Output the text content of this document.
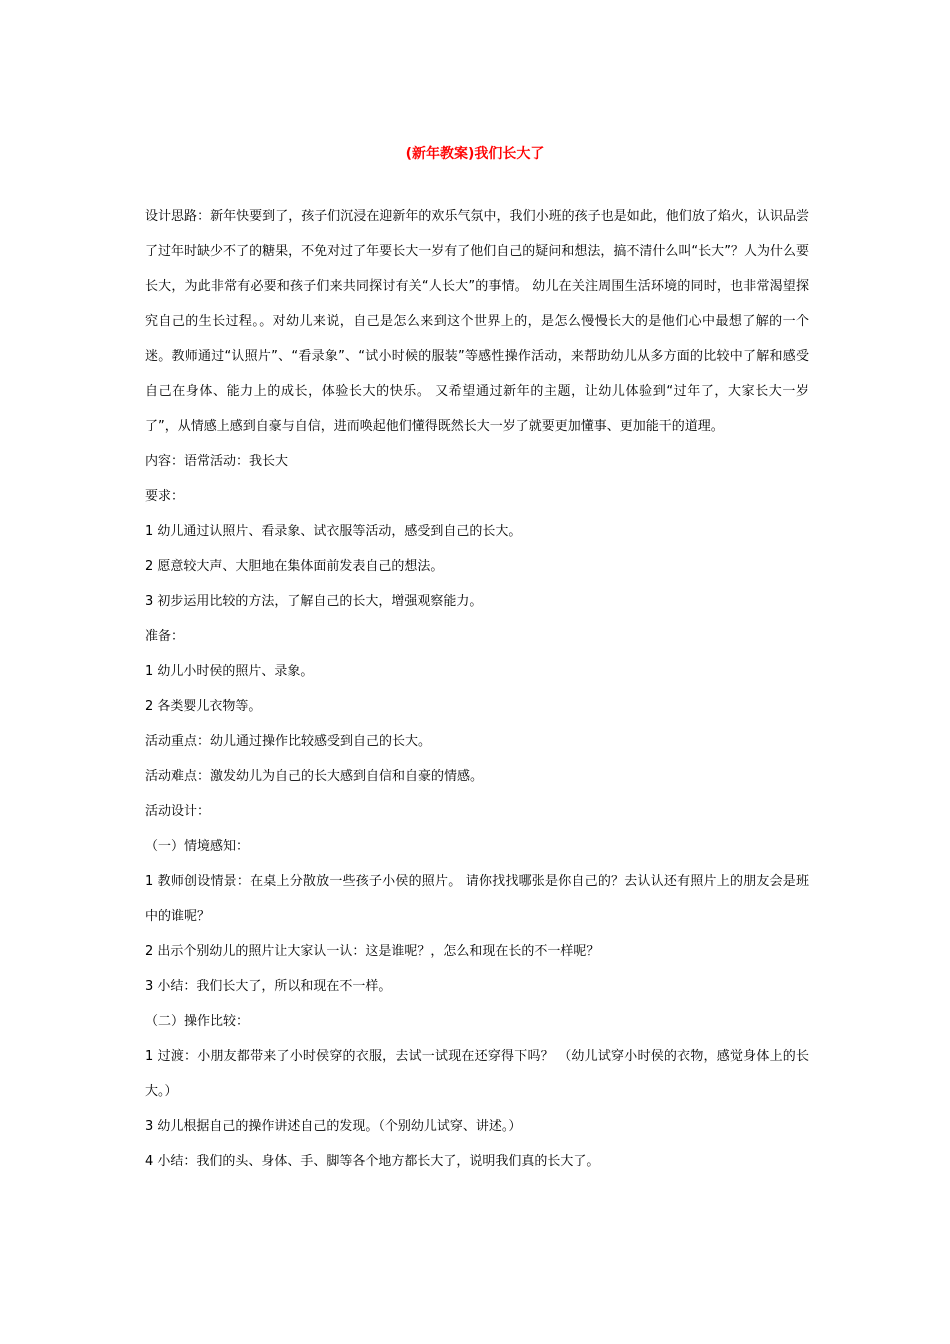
(新年教案)我们长大了

设计思路：新年快要到了，孩子们沉浸在迎新年的欢乐气氛中，我们小班的孩子也是如此，他们放了焰火，认识品尝了过年时缺少不了的糖果，不免对过了年要长大一岁有了他们自己的疑问和想法，搞不清什么叫“长大”？人为什么要长大，为此非常有必要和孩子们来共同探讨有关“人长大”的事情。 幼儿在关注周围生活环境的同时，也非常渴望探究自己的生长过程。。对幼儿来说，自己是怎么来到这个世界上的，是怎么慢慢长大的是他们心中最想了解的一个迷。教师通过“认照片”、“看录象”、“试小时候的服装”等感性操作活动，来帮助幼儿从多方面的比较中了解和感受自己在身体、能力上的成长，体验长大的快乐。 又希望通过新年的主题，让幼儿体验到“过年了，大家长大一岁了”，从情感上感到自豪与自信，进而唤起他们懂得既然长大一岁了就要更加懂事、更加能干的道理。

内容：语常活动：我长大

要求：

1 幼儿通过认照片、看录象、试衣服等活动，感受到自己的长大。

2 愿意较大声、大胆地在集体面前发表自己的想法。

3 初步运用比较的方法，了解自己的长大，增强观察能力。

准备：

1 幼儿小时侯的照片、录象。

2 各类婴儿衣物等。

活动重点：幼儿通过操作比较感受到自己的长大。

活动难点：激发幼儿为自己的长大感到自信和自豪的情感。

活动设计：

（一）情境感知：

1 教师创设情景：在桌上分散放一些孩子小侯的照片。 请你找找哪张是你自己的？去认认还有照片上的朋友会是班中的谁呢？

2 出示个别幼儿的照片让大家认一认：这是谁呢？，怎么和现在长的不一样呢？

3 小结：我们长大了，所以和现在不一样。

（二）操作比较：

1 过渡：小朋友都带来了小时侯穿的衣服，去试一试现在还穿得下吗？ （幼儿试穿小时侯的衣物，感觉身体上的长大。）

3 幼儿根据自己的操作讲述自己的发现。（个别幼儿试穿、讲述。）

4 小结：我们的头、身体、手、脚等各个地方都长大了，说明我们真的长大了。
